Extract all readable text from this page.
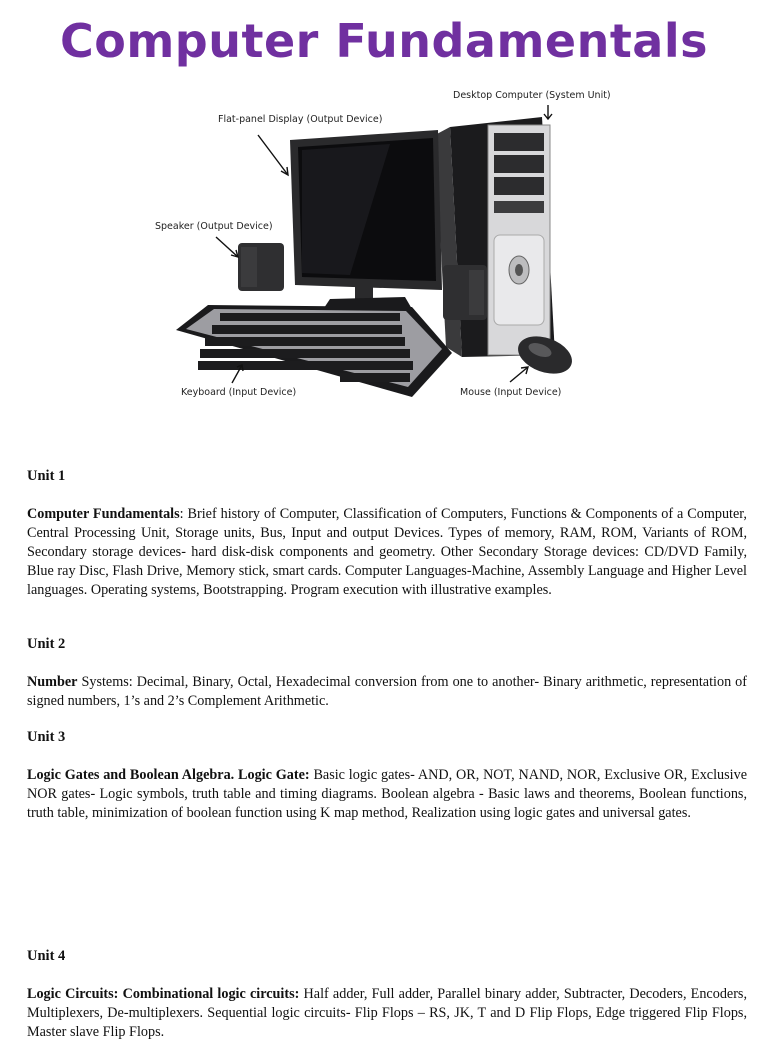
Computer Fundamentals
Desktop Computer (System Unit)
Flat-panel Display (Output Device)
Speaker (Output Device)
Keyboard (Input Device)	Mouse (Input Device)
Unit 1

Computer Fundamentals: Brief history of Computer, Classification of Computers, Functions & Components of a Computer, Central Processing Unit, Storage units, Bus, Input and output Devices. Types of memory, RAM, ROM, Variants of ROM, Secondary storage devices- hard disk-disk components and geometry. Other Secondary Storage devices: CD/DVD Family, Blue ray Disc, Flash Drive, Memory stick, smart cards. Computer Languages-Machine, Assembly Language and Higher Level languages. Operating systems, Bootstrapping. Program execution with illustrative examples.

Unit 2

Number Systems: Decimal, Binary, Octal, Hexadecimal conversion from one to another- Binary arithmetic, representation of signed numbers, 1’s and 2’s Complement Arithmetic.

Unit 3

Logic Gates and Boolean Algebra. Logic Gate: Basic logic gates- AND, OR, NOT, NAND, NOR, Exclusive OR, Exclusive NOR gates- Logic symbols, truth table and timing diagrams. Boolean algebra - Basic laws and theorems, Boolean functions, truth table, minimization of boolean function using K map method, Realization using logic gates and universal gates.

Unit 4

Logic Circuits: Combinational logic circuits: Half adder, Full adder, Parallel binary adder, Subtracter, Decoders, Encoders, Multiplexers, De-multiplexers. Sequential logic circuits- Flip Flops – RS, JK, T and D Flip Flops, Edge triggered Flip Flops, Master slave Flip Flops.
